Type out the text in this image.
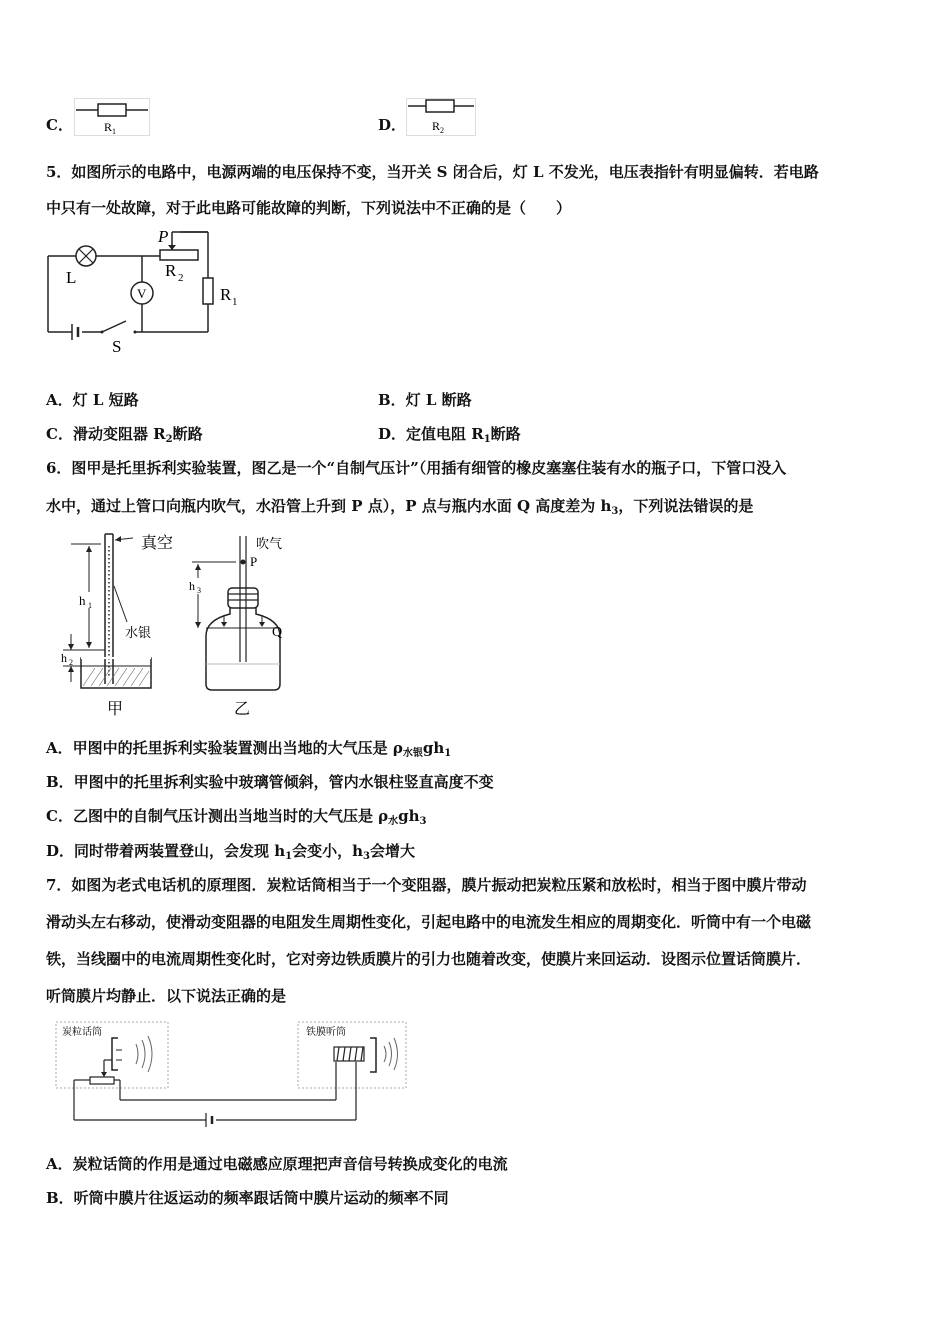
C．	R 1	D． R 2
5．如图所示的电路中，电源两端的电压保持不变，当开关 S 闭合后，灯 L 不发光，电压表指针有明显偏转．若电路
中只有一处故障，对于此电路可能故障的判断，下列说法中不正确的是（　　）
L
P
R 2
V	R 1
S
A．灯 L 短路	B．灯 L 断路
C．滑动变阻器 $R_2$断路	D．定值电阻 $R_1$断路
6．图甲是托里拆利实验装置，图乙是一个“自制气压计”（用插有细管的橡皮塞塞住装有水的瓶子口，下管口没入
水中，通过上管口向瓶内吹气，水沿管上升到 P 点），P 点与瓶内水面 Q 高度差为 $h_3$，下列说法错误的是
h 1
真空
水银
h 2
甲
吹气
P
h 3
Q
乙
A．甲图中的托里拆利实验装置测出当地的大气压是 $\rho_{水银}gh_1$
B．甲图中的托里拆利实验中玻璃管倾斜，管内水银柱竖直高度不变
C．乙图中的自制气压计测出当地当时的大气压是 $\rho_水gh_3$
D．同时带着两装置登山，会发现 $h_1$会变小，$h_3$会增大
7．如图为老式电话机的原理图．炭粒话筒相当于一个变阻器，膜片振动把炭粒压紧和放松时，相当于图中膜片带动
滑动头左右移动，使滑动变阻器的电阻发生周期性变化，引起电路中的电流发生相应的周期变化．听筒中有一个电磁
铁，当线圈中的电流周期性变化时，它对旁边铁质膜片的引力也随着改变，使膜片来回运动．设图示位置话筒膜片．
听筒膜片均静止．以下说法正确的是
炭粒话筒	铁膜听筒
A．炭粒话筒的作用是通过电磁感应原理把声音信号转换成变化的电流
B．听筒中膜片往返运动的频率跟话筒中膜片运动的频率不同
